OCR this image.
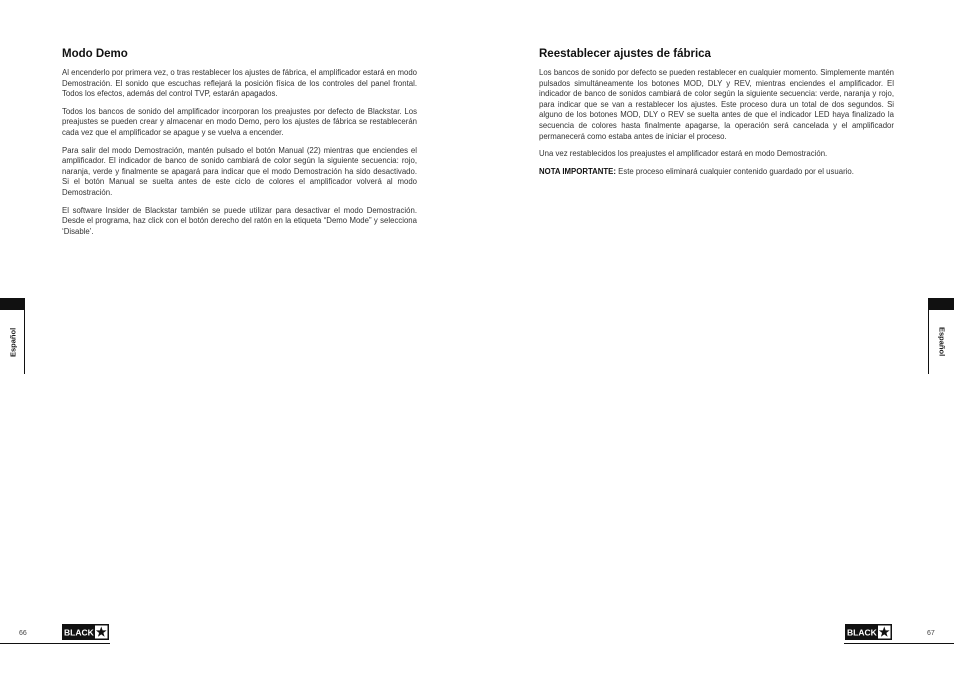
Modo Demo

Al encenderlo por primera vez, o tras restablecer los ajustes de fábrica, el amplificador estará en modo Demostración. El sonido que escuchas reflejará la posición física de los controles del panel frontal. Todos los efectos, además del control TVP, estarán apagados.

Todos los bancos de sonido del amplificador incorporan los preajustes por defecto de Blackstar. Los preajustes se pueden crear y almacenar en modo Demo, pero los ajustes de fábrica se restablecerán cada vez que el amplificador se apague y se vuelva a encender.

Para salir del modo Demostración, mantén pulsado el botón Manual (22) mientras que enciendes el amplificador. El indicador de banco de sonido cambiará de color según la siguiente secuencia: rojo, naranja, verde y finalmente se apagará para indicar que el modo Demostración ha sido desactivado. Si el botón Manual se suelta antes de este ciclo de colores el amplificador volverá al modo Demostración.

El software Insider de Blackstar también se puede utilizar para desactivar el modo Demostración. Desde el programa, haz click con el botón derecho del ratón en la etiqueta “Demo Mode” y selecciona ‘Disable’.

Reestablecer ajustes de fábrica

Los bancos de sonido por defecto se pueden restablecer en cualquier momento. Simplemente mantén pulsados simultáneamente los botones MOD, DLY y REV, mientras enciendes el amplificador. El indicador de banco de sonidos cambiará de color según la siguiente secuencia: verde, naranja y rojo, para indicar que se van a restablecer los ajustes. Este proceso dura un total de dos segundos. Si alguno de los botones MOD, DLY o REV se suelta antes de que el indicador LED haya finalizado la secuencia de colores hasta finalmente apagarse, la operación será cancelada y el amplificador permanecerá como estaba antes de iniciar el proceso.

Una vez restablecidos los preajustes el amplificador estará en modo Demostración.

NOTA IMPORTANTE: Este proceso eliminará cualquier contenido guardado por el usuario.

Español	Español
66	67
BLACK	BLACK
